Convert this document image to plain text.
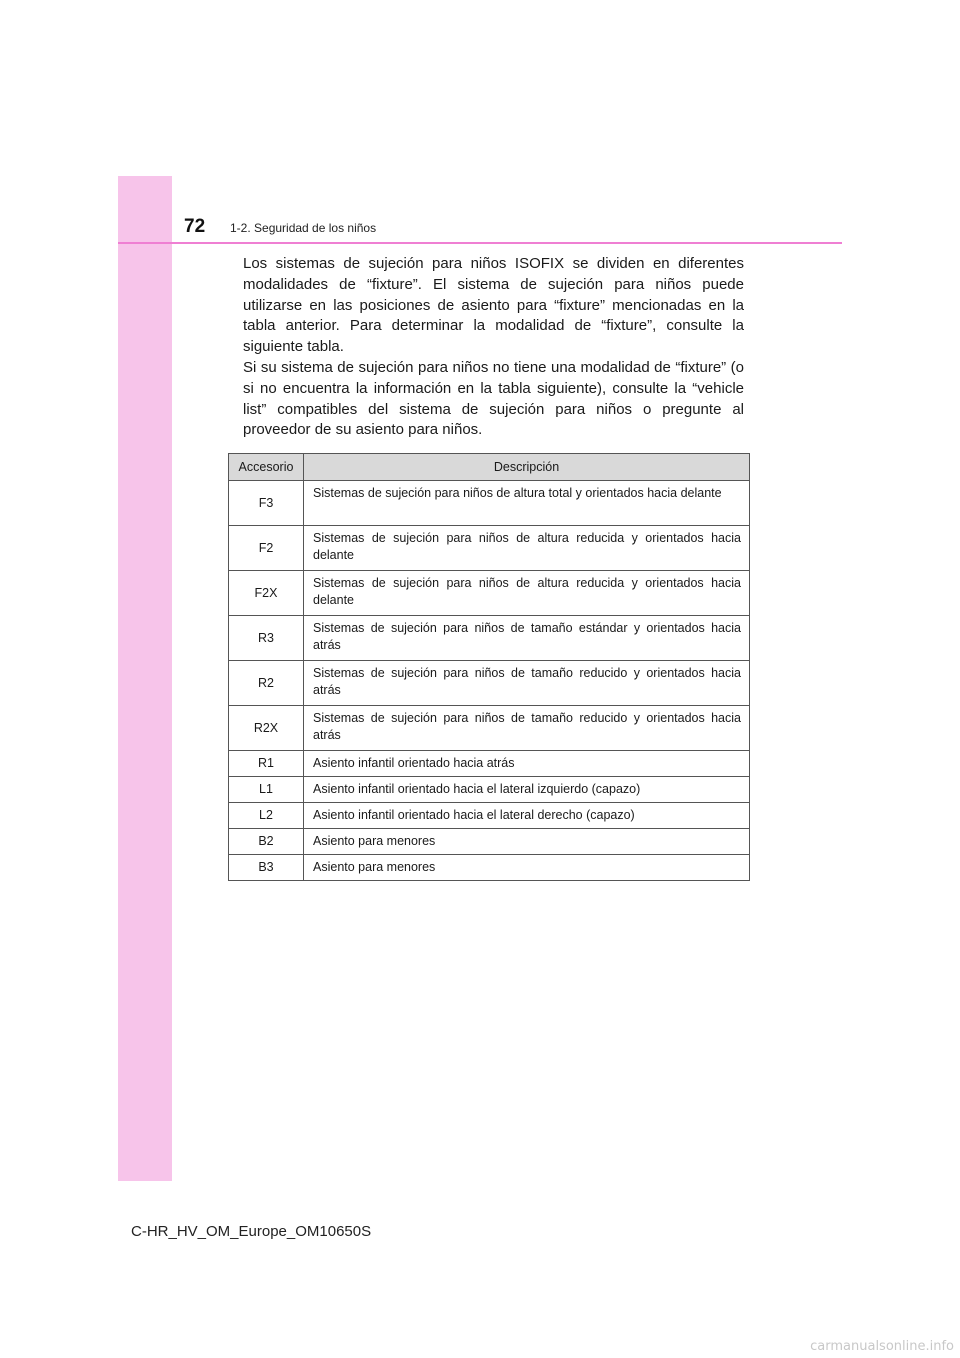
72 1-2. Seguridad de los niños

Los sistemas de sujeción para niños ISOFIX se dividen en diferentes modalidades de “fixture”. El sistema de sujeción para niños puede utilizarse en las posiciones de asiento para “fixture” mencionadas en la tabla anterior. Para determinar la modalidad de “fixture”, consulte la siguiente tabla.

Si su sistema de sujeción para niños no tiene una modalidad de “fixture” (o si no encuentra la información en la tabla siguiente), consulte la “vehicle list” compatibles del sistema de sujeción para niños o pregunte al proveedor de su asiento para niños.

Accesorio	Descripción
F3	Sistemas de sujeción para niños de altura total y orientados hacia delante
F2	Sistemas de sujeción para niños de altura reducida y orientados hacia delante
F2X	Sistemas de sujeción para niños de altura reducida y orientados hacia delante
R3	Sistemas de sujeción para niños de tamaño estándar y orientados hacia atrás
R2	Sistemas de sujeción para niños de tamaño reducido y orientados hacia atrás
R2X	Sistemas de sujeción para niños de tamaño reducido y orientados hacia atrás
R1	Asiento infantil orientado hacia atrás
L1	Asiento infantil orientado hacia el lateral izquierdo (capazo)
L2	Asiento infantil orientado hacia el lateral derecho (capazo)
B2	Asiento para menores
B3	Asiento para menores
C-HR_HV_OM_Europe_OM10650S
carmanualsonline.info
